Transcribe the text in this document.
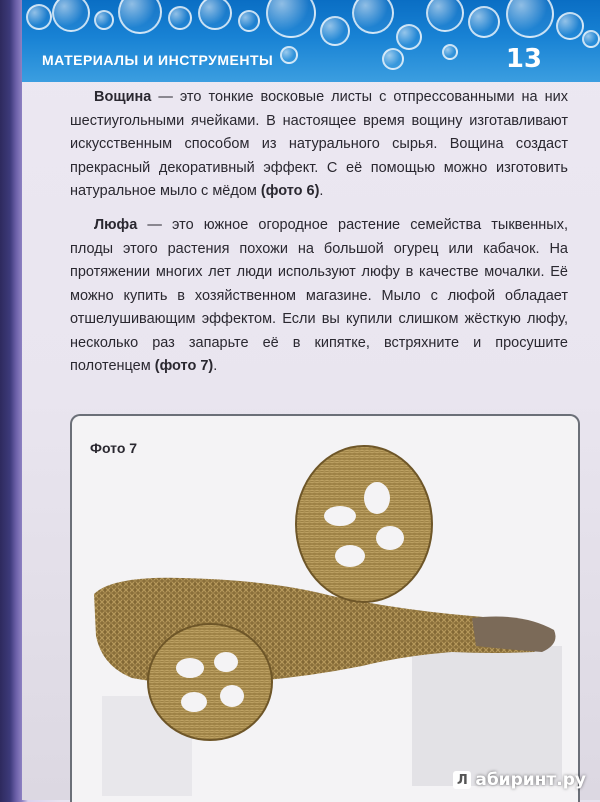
МАТЕРИАЛЫ И ИНСТРУМЕНТЫ	13

Вощина — это тонкие восковые листы с отпрессованными на них шестиугольными ячейками. В настоящее время вощину изготавливают искусственным способом из натурального сырья. Вощина создаст прекрасный декоративный эффект. С её помощью можно изготовить натуральное мыло с мёдом (фото 6).

Люфа — это южное огородное растение семейства тыквенных, плоды этого растения похожи на большой огурец или кабачок. На протяжении многих лет люди используют люфу в качестве мочалки. Её можно купить в хозяйственном магазине. Мыло с люфой обладает отшелушивающим эффектом. Если вы купили слишком жёсткую люфу, несколько раз запарьте её в кипятке, встряхните и просушите полотенцем (фото 7).

Фото 7
Л абиринт.ру
